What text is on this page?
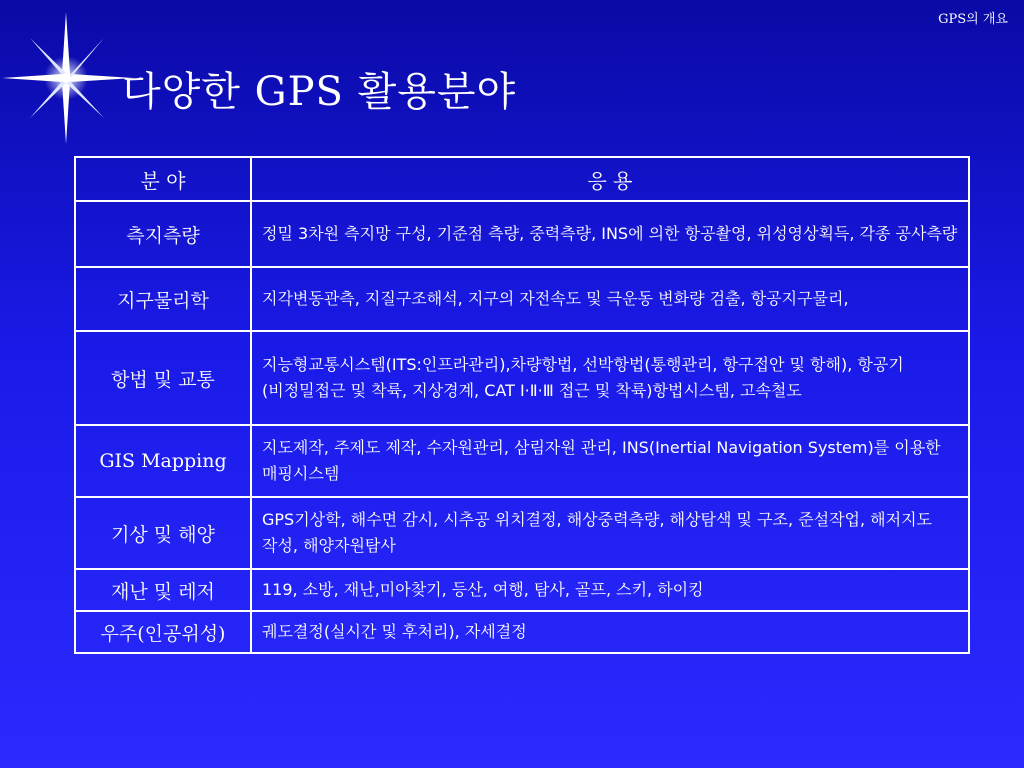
GPS의 개요
다양한 GPS 활용분야
분 야	응 용
측지측량	정밀 3차원 측지망 구성, 기준점 측량, 중력측량, INS에 의한 항공촬영, 위성영상획득, 각종 공사측량
지구물리학	지각변동관측, 지질구조해석, 지구의 자전속도 및 극운동 변화량 검출, 항공지구물리,
항법 및 교통	지능형교통시스템(ITS:인프라관리),차량항법, 선박항법(통행관리, 항구접안 및 항해), 항공기(비정밀접근 및 착륙, 지상경계, CAT Ⅰ·Ⅱ·Ⅲ 접근 및 착륙)항법시스템, 고속철도
GIS Mapping	지도제작, 주제도 제작, 수자원관리, 삼림자원 관리, INS(Inertial Navigation System)를 이용한 매핑시스템
기상 및 해양	GPS기상학, 해수면 감시, 시추공 위치결정, 해상중력측량, 해상탐색 및 구조, 준설작업, 해저지도 작성, 해양자원탐사
재난 및 레저	119, 소방, 재난,미아찾기, 등산, 여행, 탐사, 골프, 스키, 하이킹
우주(인공위성)	궤도결정(실시간 및 후처리), 자세결정
